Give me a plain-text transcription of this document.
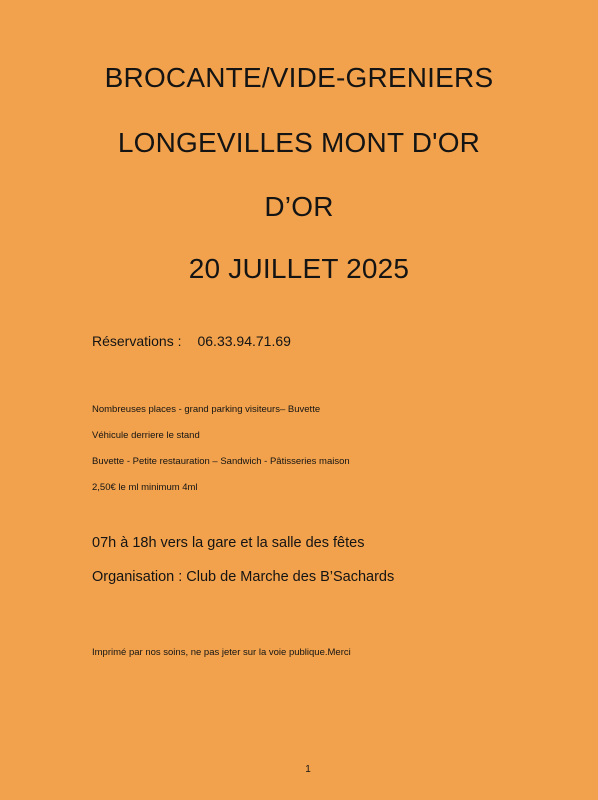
BROCANTE/VIDE-GRENIERS
LONGEVILLES MONT D'OR
D’OR
20 JUILLET 2025
Réservations : 06.33.94.71.69
Nombreuses places - grand parking visiteurs– Buvette
Véhicule derriere le stand
Buvette - Petite restauration – Sandwich - Pâtisseries maison
2,50€ le ml minimum 4ml
07h à 18h vers la gare et la salle des fêtes
Organisation : Club de Marche des B’Sachards
Imprimé par nos soins, ne pas jeter sur la voie publique.Merci
1
